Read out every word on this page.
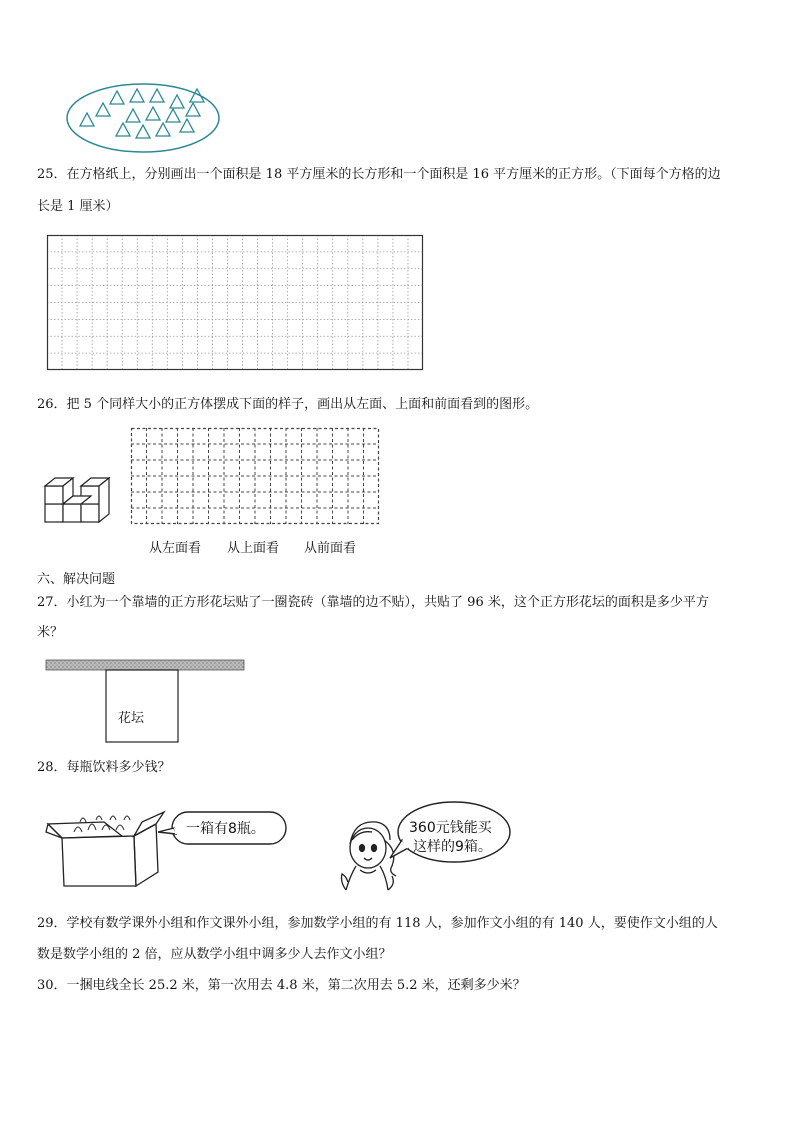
25．在方格纸上，分别画出一个面积是 18 平方厘米的长方形和一个面积是 16 平方厘米的正方形。（下面每个方格的边
长是 1 厘米）
26．把 5 个同样大小的正方体摆成下面的样子，画出从左面、上面和前面看到的图形。
从左面看 从上面看 从前面看
六、解决问题
27．小红为一个靠墙的正方形花坛贴了一圈瓷砖（靠墙的边不贴），共贴了 96 米，这个正方形花坛的面积是多少平方
米？
花坛
28．每瓶饮料多少钱？
一箱有8瓶。	360元钱能买
这样的9箱。
29．学校有数学课外小组和作文课外小组，参加数学小组的有 118 人，参加作文小组的有 140 人，要使作文小组的人
数是数学小组的 2 倍，应从数学小组中调多少人去作文小组？
30．一捆电线全长 25.2 米，第一次用去 4.8 米，第二次用去 5.2 米，还剩多少米？
